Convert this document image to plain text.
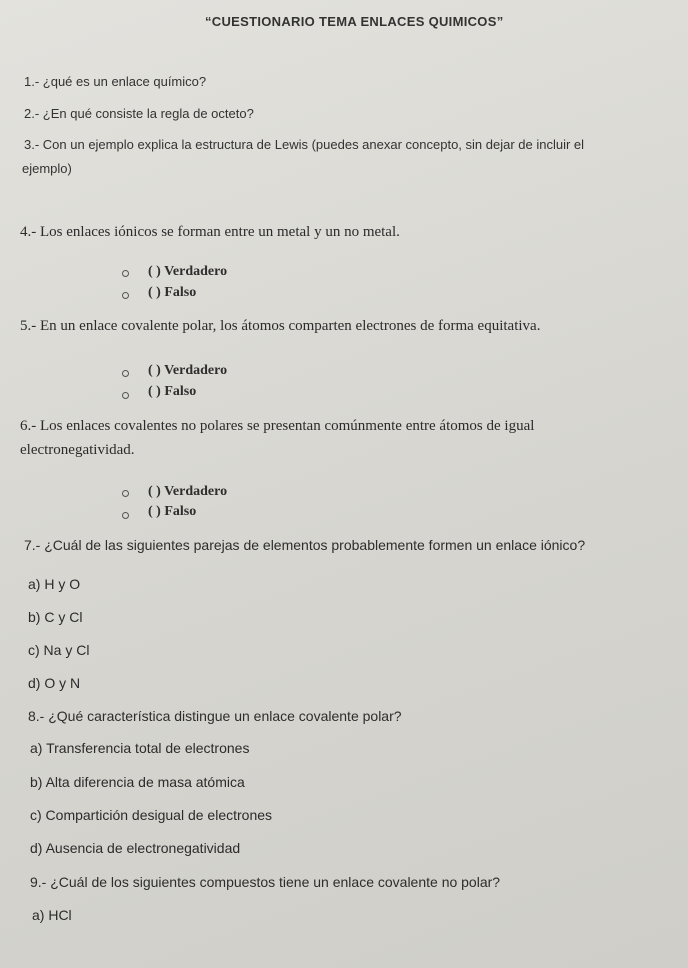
“CUESTIONARIO TEMA ENLACES QUIMICOS”
1.- ¿qué es un enlace químico?
2.- ¿En qué consiste la regla de octeto?
3.- Con un ejemplo explica la estructura de Lewis (puedes anexar concepto, sin dejar de incluir el
ejemplo)
4.- Los enlaces iónicos se forman entre un metal y un no metal.
( ) Verdadero
( ) Falso
5.- En un enlace covalente polar, los átomos comparten electrones de forma equitativa.
( ) Verdadero
( ) Falso
6.- Los enlaces covalentes no polares se presentan comúnmente entre átomos de igual
electronegatividad.
( ) Verdadero
( ) Falso
7.- ¿Cuál de las siguientes parejas de elementos probablemente formen un enlace iónico?
a) H y O
b) C y Cl
c) Na y Cl
d) O y N
8.- ¿Qué característica distingue un enlace covalente polar?
a) Transferencia total de electrones
b) Alta diferencia de masa atómica
c) Compartición desigual de electrones
d) Ausencia de electronegatividad
9.- ¿Cuál de los siguientes compuestos tiene un enlace covalente no polar?
a) HCl
